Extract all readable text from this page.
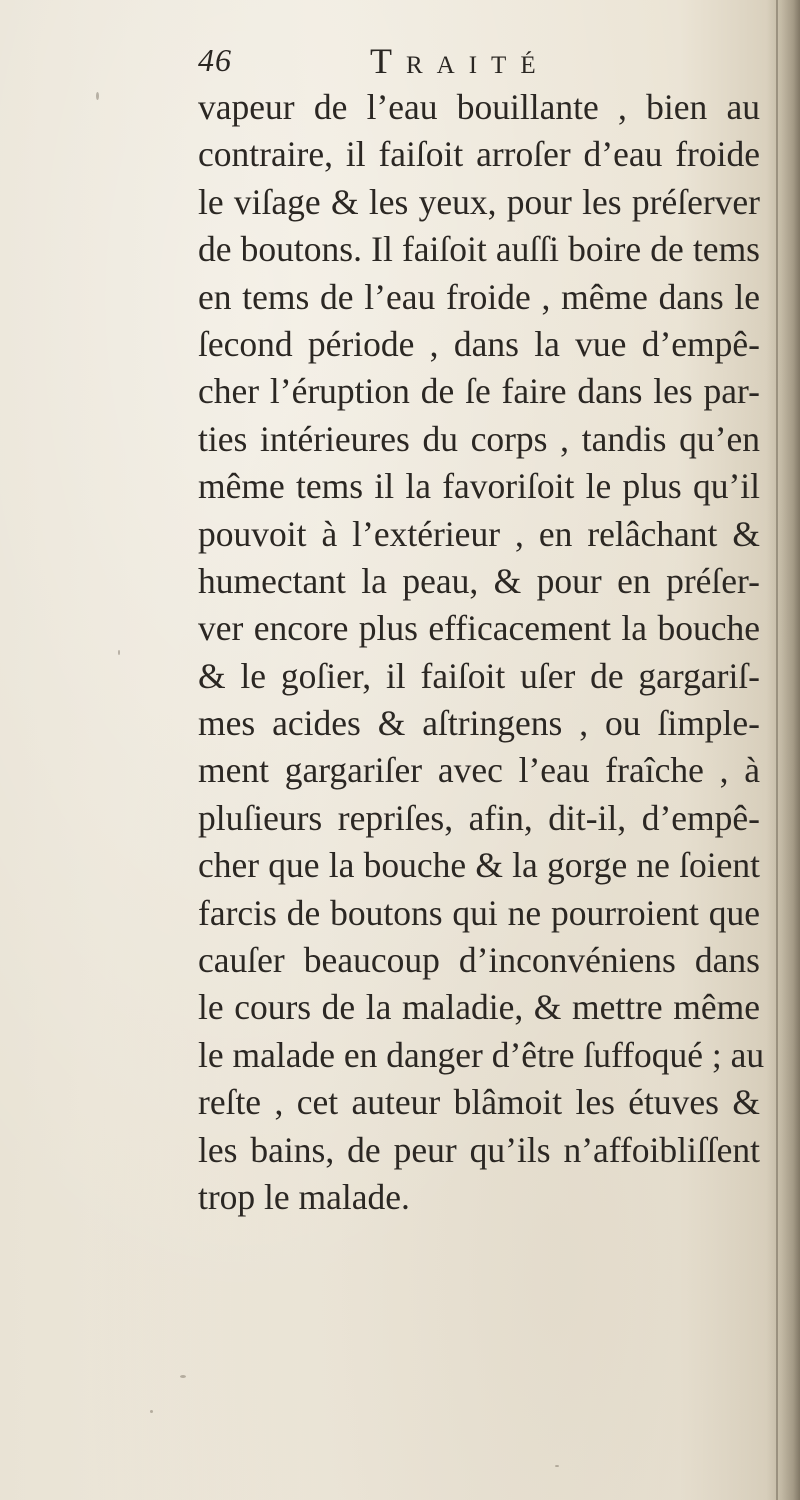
46	Traité
vapeur de l’eau bouillante , bien au
contraire, il faiſoit arroſer d’eau froide
le viſage & les yeux, pour les préſerver
de boutons. Il faiſoit auſſi boire de tems
en tems de l’eau froide , même dans le
ſecond période , dans la vue d’empê-
cher l’éruption de ſe faire dans les par-
ties intérieures du corps , tandis qu’en
même tems il la favoriſoit le plus qu’il
pouvoit à l’extérieur , en relâchant &
humectant la peau, & pour en préſer-
ver encore plus efficacement la bouche
& le goſier, il faiſoit uſer de gargariſ-
mes acides & aſtringens , ou ſimple-
ment gargariſer avec l’eau fraîche , à
pluſieurs repriſes, afin, dit-il, d’empê-
cher que la bouche & la gorge ne ſoient
farcis de boutons qui ne pourroient que
cauſer beaucoup d’inconvéniens dans
le cours de la maladie, & mettre même
le malade en danger d’être ſuffoqué ; au
reſte , cet auteur blâmoit les étuves &
les bains, de peur qu’ils n’affoibliſſent
trop le malade.
